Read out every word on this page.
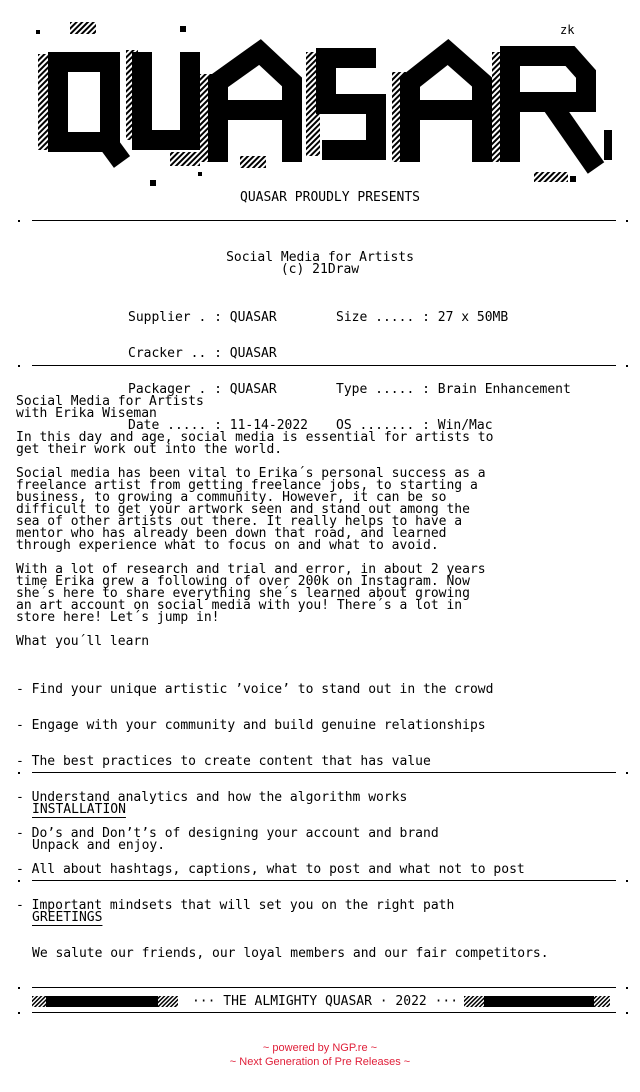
zk
QUASAR PROUDLY PRESENTS
Social Media for Artists
(c) 21Draw

Supplier . : QUASAR

Cracker .. : QUASAR

Packager . : QUASAR

Date ..... : 11-14-2022

Size ..... : 27 x 50MB

Type ..... : Brain Enhancement

OS ....... : Win/Mac

Social Media for Artists
with Erika Wiseman
In this day and age, social media is essential for artists to
get their work out into the world.
Social media has been vital to Erika´s personal success as a
freelance artist from getting freelance jobs, to starting a
business, to growing a community. However, it can be so
difficult to get your artwork seen and stand out among the
sea of other artists out there. It really helps to have a
mentor who has already been down that road, and learned
through experience what to focus on and what to avoid.
With a lot of research and trial and error, in about 2 years
time Erika grew a following of over 200k on Instagram. Now
she´s here to share everything she´s learned about growing
an art account on social media with you! There´s a lot in
store here! Let´s jump in!
What you´ll learn

- Find your unique artistic ’voice’ to stand out in the crowd

- Engage with your community and build genuine relationships

- The best practices to create content that has value

- Understand analytics and how the algorithm works

- Do’s and Don’t’s of designing your account and brand

- All about hashtags, captions, what to post and what not to post

- Important mindsets that will set you on the right path

INSTALLATION
Unpack and enjoy.
GREETINGS
We salute our friends, our loyal members and our fair competitors.
··· THE ALMIGHTY QUASAR · 2022 ···
~ powered by NGP.re ~
~ Next Generation of Pre Releases ~
